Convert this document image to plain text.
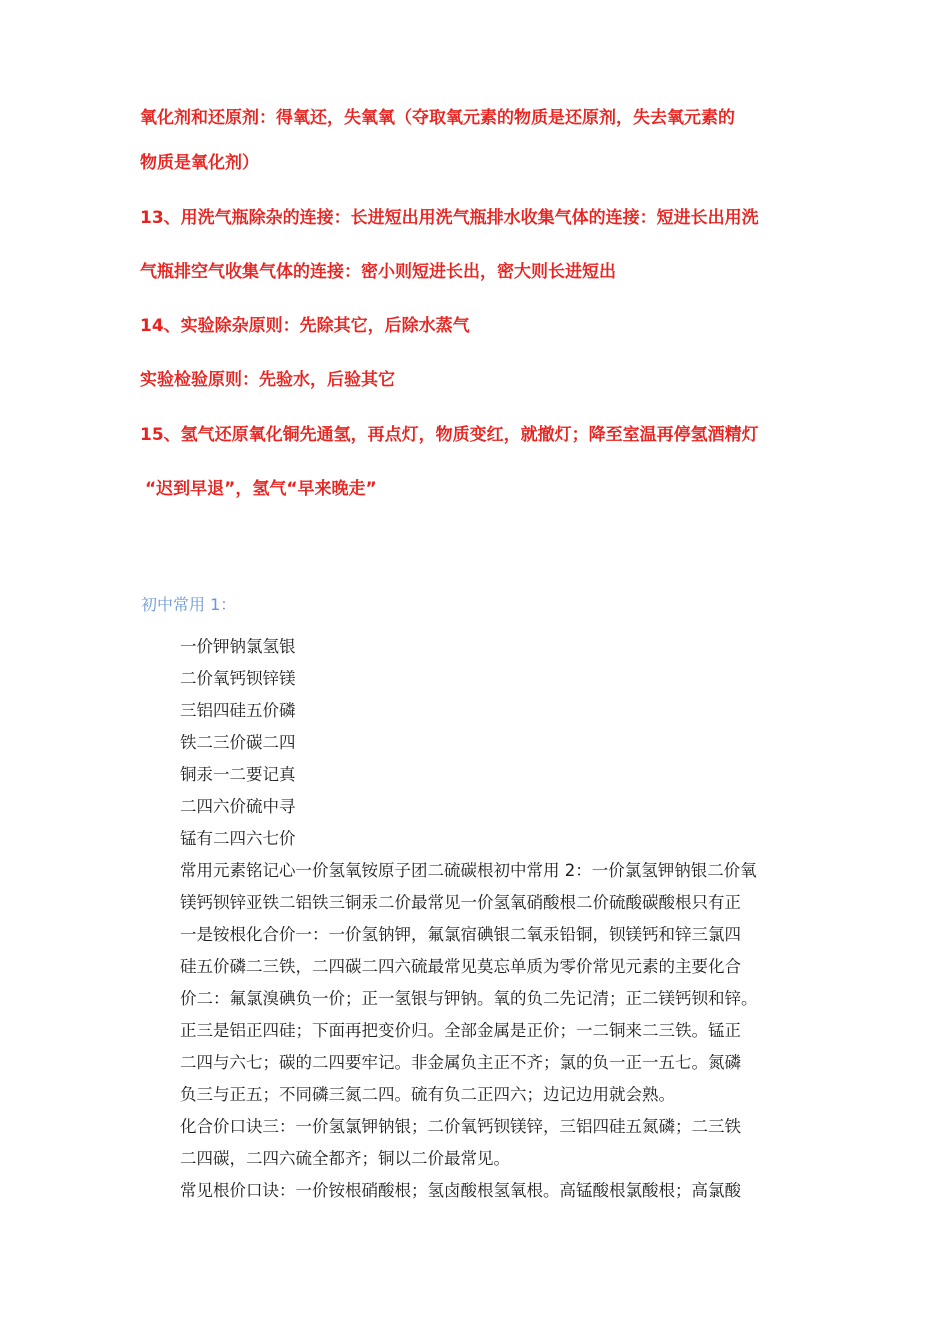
氧化剂和还原剂：得氧还，失氧氧（夺取氧元素的物质是还原剂，失去氧元素的
物质是氧化剂）
13、用洗气瓶除杂的连接：长进短出用洗气瓶排水收集气体的连接：短进长出用洗
气瓶排空气收集气体的连接：密小则短进长出，密大则长进短出
14、实验除杂原则：先除其它，后除水蒸气
实验检验原则：先验水，后验其它
15、氢气还原氧化铜先通氢，再点灯，物质变红，就撤灯；降至室温再停氢酒精灯
“迟到早退”，氢气“早来晚走”
初中常用 1：
一价钾钠氯氢银
二价氧钙钡锌镁
三铝四硅五价磷
铁二三价碳二四
铜汞一二要记真
二四六价硫中寻
锰有二四六七价
常用元素铭记心一价氢氧铵原子团二硫碳根初中常用 2：一价氯氢钾钠银二价氧
镁钙钡锌亚铁二铝铁三铜汞二价最常见一价氢氧硝酸根二价硫酸碳酸根只有正
一是铵根化合价一：一价氢钠钾，氟氯宿碘银二氧汞铅铜，钡镁钙和锌三氯四
硅五价磷二三铁，二四碳二四六硫最常见莫忘单质为零价常见元素的主要化合
价二：氟氯溴碘负一价；正一氢银与钾钠。氧的负二先记清；正二镁钙钡和锌。
正三是铝正四硅；下面再把变价归。全部金属是正价；一二铜来二三铁。锰正
二四与六七；碳的二四要牢记。非金属负主正不齐；氯的负一正一五七。氮磷
负三与正五；不同磷三氮二四。硫有负二正四六；边记边用就会熟。
化合价口诀三：一价氢氯钾钠银；二价氧钙钡镁锌，三铝四硅五氮磷；二三铁
二四碳，二四六硫全都齐；铜以二价最常见。
常见根价口诀：一价铵根硝酸根；氢卤酸根氢氧根。高锰酸根氯酸根；高氯酸
